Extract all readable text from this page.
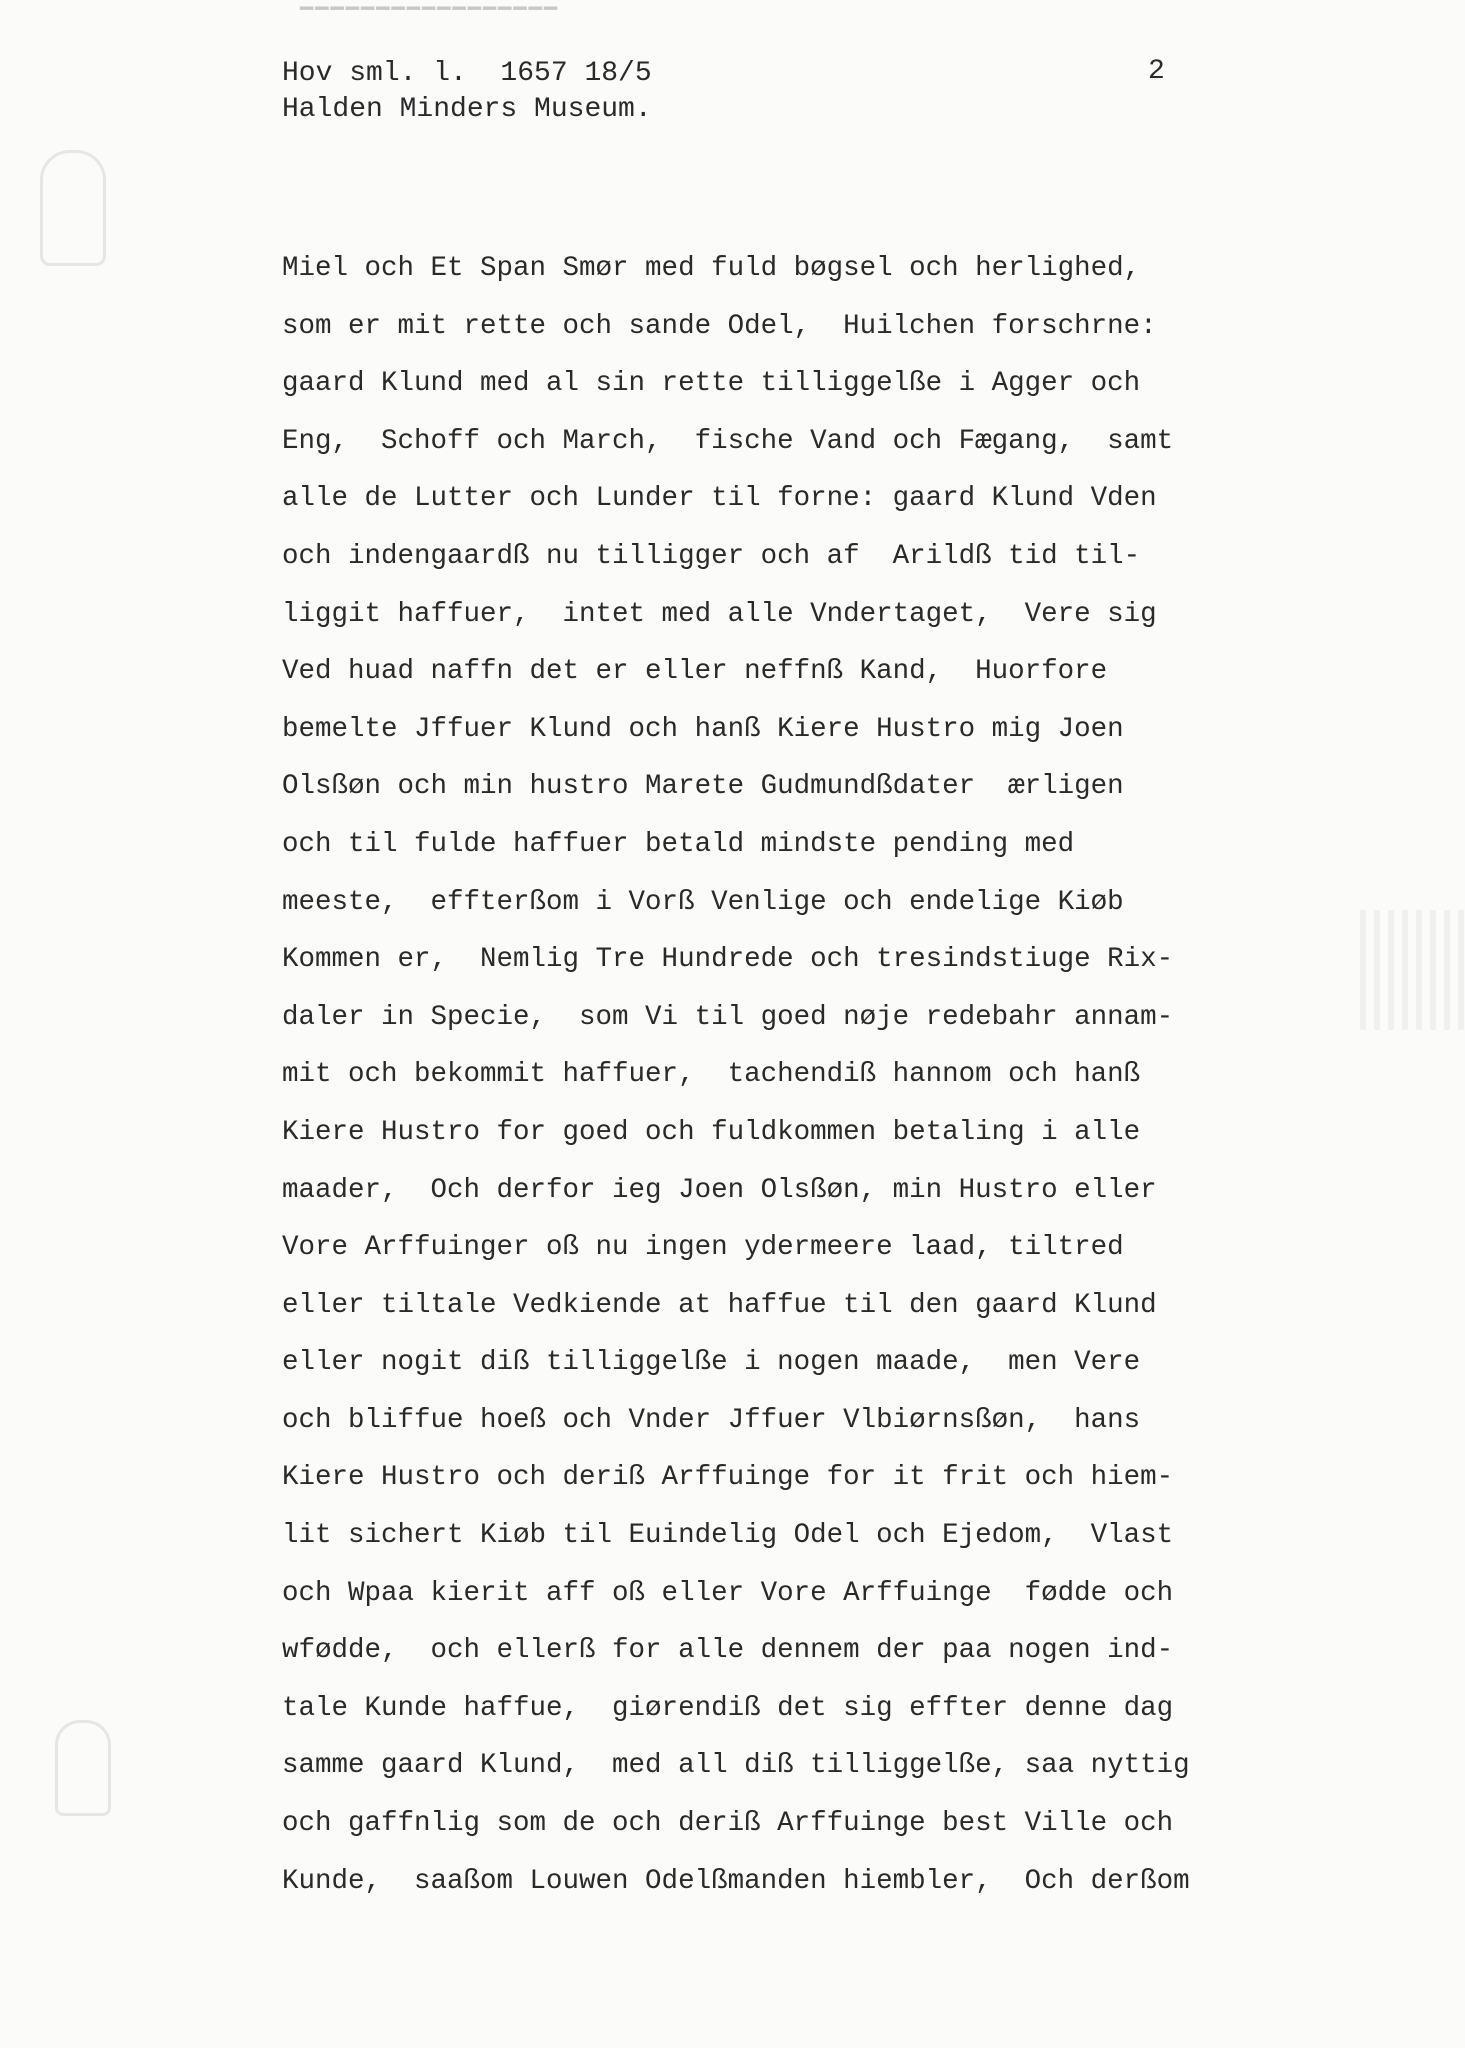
▔▔▔▔▔▔▔▔▔▔▔▔▔▔▔▔▔
Hov sml. l.  1657 18/5
Halden Minders Museum.
2
Miel och Et Span Smør med fuld bøgsel och herlighed,
som er mit rette och sande Odel,  Huilchen forschrne:
gaard Klund med al sin rette tilliggelße i Agger och
Eng,  Schoff och March,  fische Vand och Fægang,  samt
alle de Lutter och Lunder til forne: gaard Klund Vden
och indengaardß nu tilligger och af  Arildß tid til-
liggit haffuer,  intet med alle Vndertaget,  Vere sig
Ved huad naffn det er eller neffnß Kand,  Huorfore
bemelte Jffuer Klund och hanß Kiere Hustro mig Joen
Olsßøn och min hustro Marete Gudmundßdater  ærligen
och til fulde haffuer betald mindste pending med
meeste,  effterßom i Vorß Venlige och endelige Kiøb
Kommen er,  Nemlig Tre Hundrede och tresindstiuge Rix-
daler in Specie,  som Vi til goed nøje redebahr annam-
mit och bekommit haffuer,  tachendiß hannom och hanß
Kiere Hustro for goed och fuldkommen betaling i alle
maader,  Och derfor ieg Joen Olsßøn, min Hustro eller
Vore Arffuinger oß nu ingen ydermeere laad, tiltred
eller tiltale Vedkiende at haffue til den gaard Klund
eller nogit diß tilliggelße i nogen maade,  men Vere
och bliffue hoeß och Vnder Jffuer Vlbiørnsßøn,  hans
Kiere Hustro och deriß Arffuinge for it frit och hiem-
lit sichert Kiøb til Euindelig Odel och Ejedom,  Vlast
och Wpaa kierit aff oß eller Vore Arffuinge  fødde och
wfødde,  och ellerß for alle dennem der paa nogen ind-
tale Kunde haffue,  giørendiß det sig effter denne dag
samme gaard Klund,  med all diß tilliggelße, saa nyttig
och gaffnlig som de och deriß Arffuinge best Ville och
Kunde,  saaßom Louwen Odelßmanden hiembler,  Och derßom
